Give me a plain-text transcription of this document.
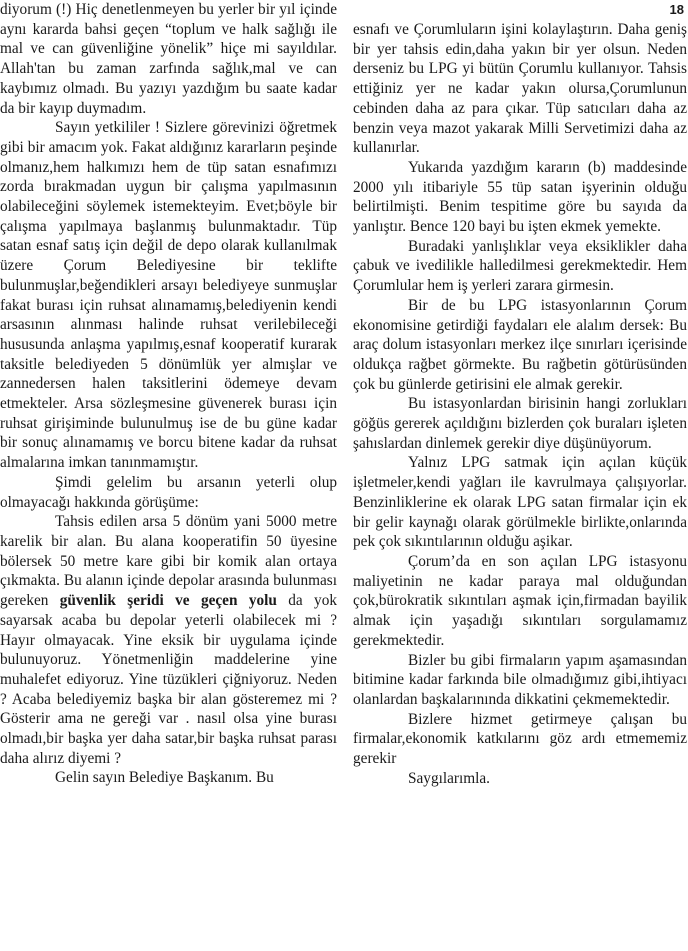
18

diyorum (!) Hiç denetlenmeyen bu yerler bir yıl içinde aynı kararda bahsi geçen “toplum ve halk sağlığı ile mal ve can güvenliğine yönelik” hiçe mi sayıldılar. Allah'tan bu zaman zarfında sağlık,mal ve can kaybımız olmadı. Bu yazıyı yazdığım bu saate kadar da bir kayıp duymadım.

Sayın yetkililer ! Sizlere görevinizi öğretmek gibi bir amacım yok. Fakat aldığınız kararların peşinde olmanız,hem halkımızı hem de tüp satan esnafımızı zorda bırakmadan uygun bir çalışma yapılmasının olabileceğini söylemek istemekteyim. Evet;böyle bir çalışma yapılmaya başlanmış bulunmaktadır. Tüp satan esnaf satış için değil de depo olarak kullanılmak üzere Çorum Belediyesine bir teklifte bulunmuşlar,beğendikleri arsayı belediyeye sunmuşlar fakat burası için ruhsat alınamamış,belediyenin kendi arsasının alınması halinde ruhsat verilebileceği hususunda anlaşma yapılmış,esnaf kooperatif kurarak taksitle belediyeden 5 dönümlük yer almışlar ve zannedersen halen taksitlerini ödemeye devam etmekteler. Arsa sözleşmesine güvenerek burası için ruhsat girişiminde bulunulmuş ise de bu güne kadar bir sonuç alınamamış ve borcu bitene kadar da ruhsat almalarına imkan tanınmamıştır.

Şimdi gelelim bu arsanın yeterli olup olmayacağı hakkında görüşüme:

Tahsis edilen arsa 5 dönüm yani 5000 metre karelik bir alan. Bu alana kooperatifin 50 üyesine bölersek 50 metre kare gibi bir komik alan ortaya çıkmakta. Bu alanın içinde depolar arasında bulunması gereken güvenlik şeridi ve geçen yolu da yok sayarsak acaba bu depolar yeterli olabilecek mi ? Hayır olmayacak. Yine eksik bir uygulama içinde bulunuyoruz. Yönetmenliğin maddelerine yine muhalefet ediyoruz. Yine tüzükleri çiğniyoruz. Neden ? Acaba belediyemiz başka bir alan gösteremez mi ? Gösterir ama ne gereği var . nasıl olsa yine burası olmadı,bir başka yer daha satar,bir başka ruhsat parası daha alırız diyemi ?

Gelin sayın Belediye Başkanım. Bu

esnafı ve Çorumluların işini kolaylaştırın. Daha geniş bir yer tahsis edin,daha yakın bir yer olsun. Neden derseniz bu LPG yi bütün Çorumlu kullanıyor. Tahsis ettiğiniz yer ne kadar yakın olursa,Çorumlunun cebinden daha az para çıkar. Tüp satıcıları daha az benzin veya mazot yakarak Milli Servetimizi daha az kullanırlar.

Yukarıda yazdığım kararın (b) maddesinde 2000 yılı itibariyle 55 tüp satan işyerinin olduğu belirtilmişti. Benim tespitime göre bu sayıda da yanlıştır. Bence 120 bayi bu işten ekmek yemekte.

Buradaki yanlışlıklar veya eksiklikler daha çabuk ve ivedilikle halledilmesi gerekmektedir. Hem Çorumlular hem iş yerleri zarara girmesin.

Bir de bu LPG istasyonlarının Çorum ekonomisine getirdiği faydaları ele alalım dersek: Bu araç dolum istasyonları merkez ilçe sınırları içerisinde oldukça rağbet görmekte. Bu rağbetin götürüsünden çok bu günlerde getirisini ele almak gerekir.

Bu istasyonlardan birisinin hangi zorlukları göğüs gererek açıldığını bizlerden çok buraları işleten şahıslardan dinlemek gerekir diye düşünüyorum.

Yalnız LPG satmak için açılan küçük işletmeler,kendi yağları ile kavrulmaya çalışıyorlar. Benzinliklerine ek olarak LPG satan firmalar için ek bir gelir kaynağı olarak görülmekle birlikte,onlarında pek çok sıkıntılarının olduğu aşikar.

Çorum’da en son açılan LPG istasyonu maliyetinin ne kadar paraya mal olduğundan çok,bürokratik sıkıntıları aşmak için,firmadan bayilik almak için yaşadığı sıkıntıları sorgulamamız gerekmektedir.

Bizler bu gibi firmaların yapım aşamasından bitimine kadar farkında bile olmadığımız gibi,ihtiyacı olanlardan başkalarınında dikkatini çekmemektedir.

Bizlere hizmet getirmeye çalışan bu firmalar,ekonomik katkılarını göz ardı etmememiz gerekir

Saygılarımla.
